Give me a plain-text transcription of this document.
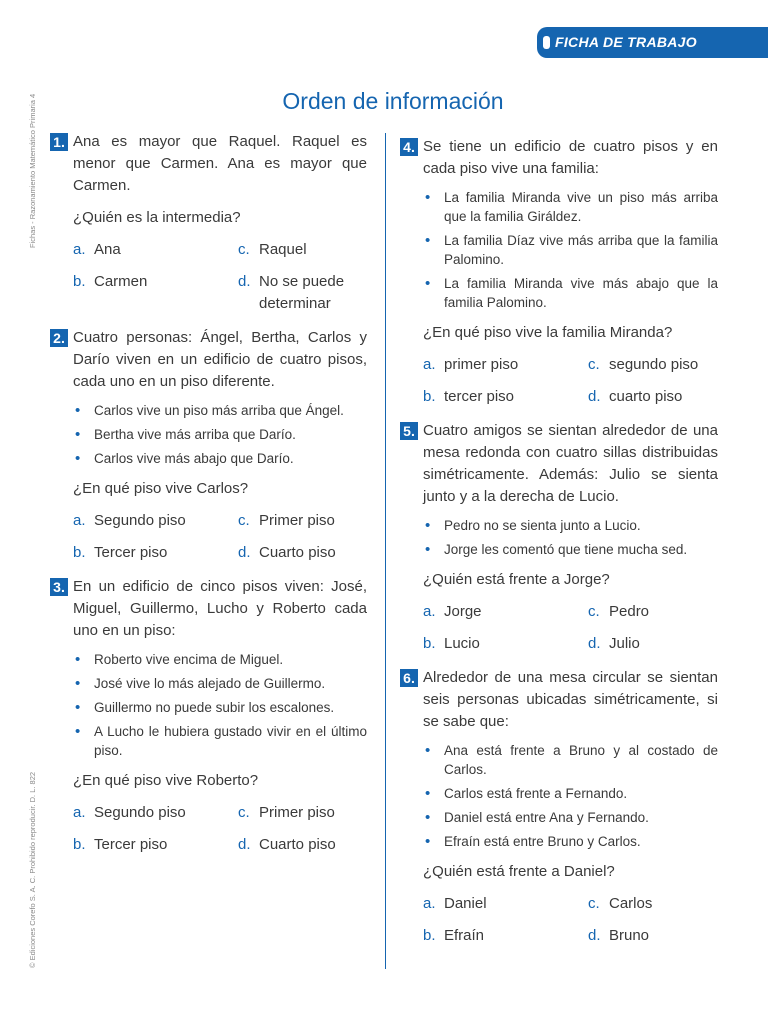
FICHA DE TRABAJO
Fichas - Razonamiento Matemático Primaria 4
© Ediciones Corefo S. A. C. Prohibido reproducir. D. L. 822
Orden de información
1 . Ana es mayor que Raquel. Raquel es menor que Carmen. Ana es mayor que Carmen.
¿Quién es la intermedia?
a . Ana	c . Raquel
b . Carmen	d . No se puede determinar
2 . Cuatro personas: Ángel, Bertha, Carlos y Darío viven en un edificio de cuatro pisos, cada uno en un piso diferente.
• Carlos vive un piso más arriba que Ángel.
• Bertha vive más arriba que Darío.
• Carlos vive más abajo que Darío.
¿En qué piso vive Carlos?
a . Segundo piso	c . Primer piso
b . Tercer piso	d . Cuarto piso
3 . En un edificio de cinco pisos viven: José, Miguel, Guillermo, Lucho y Roberto cada uno en un piso:
• Roberto vive encima de Miguel.
• José vive lo más alejado de Guillermo.
• Guillermo no puede subir los escalones.
• A Lucho le hubiera gustado vivir en el último piso.
¿En qué piso vive Roberto?
a . Segundo piso	c . Primer piso
b . Tercer piso	d . Cuarto piso
4 . Se tiene un edificio de cuatro pisos y en cada piso vive una familia:
• La familia Miranda vive un piso más arriba que la familia Giráldez.
• La familia Díaz vive más arriba que la familia Palomino.
• La familia Miranda vive más abajo que la familia Palomino.
¿En qué piso vive la familia Miranda?
a . primer piso	c . segundo piso
b . tercer piso	d . cuarto piso
5 . Cuatro amigos se sientan alrededor de una mesa redonda con cuatro sillas distribuidas simétricamente. Además: Julio se sienta junto y a la derecha de Lucio.
• Pedro no se sienta junto a Lucio.
• Jorge les comentó que tiene mucha sed.
¿Quién está frente a Jorge?
a . Jorge	c . Pedro
b . Lucio	d . Julio
6 . Alrededor de una mesa circular se sientan seis personas ubicadas simétricamente, si se sabe que:
• Ana está frente a Bruno y al costado de Carlos.
• Carlos está frente a Fernando.
• Daniel está entre Ana y Fernando.
• Efraín está entre Bruno y Carlos.
¿Quién está frente a Daniel?
a . Daniel	c . Carlos
b . Efraín	d . Bruno
